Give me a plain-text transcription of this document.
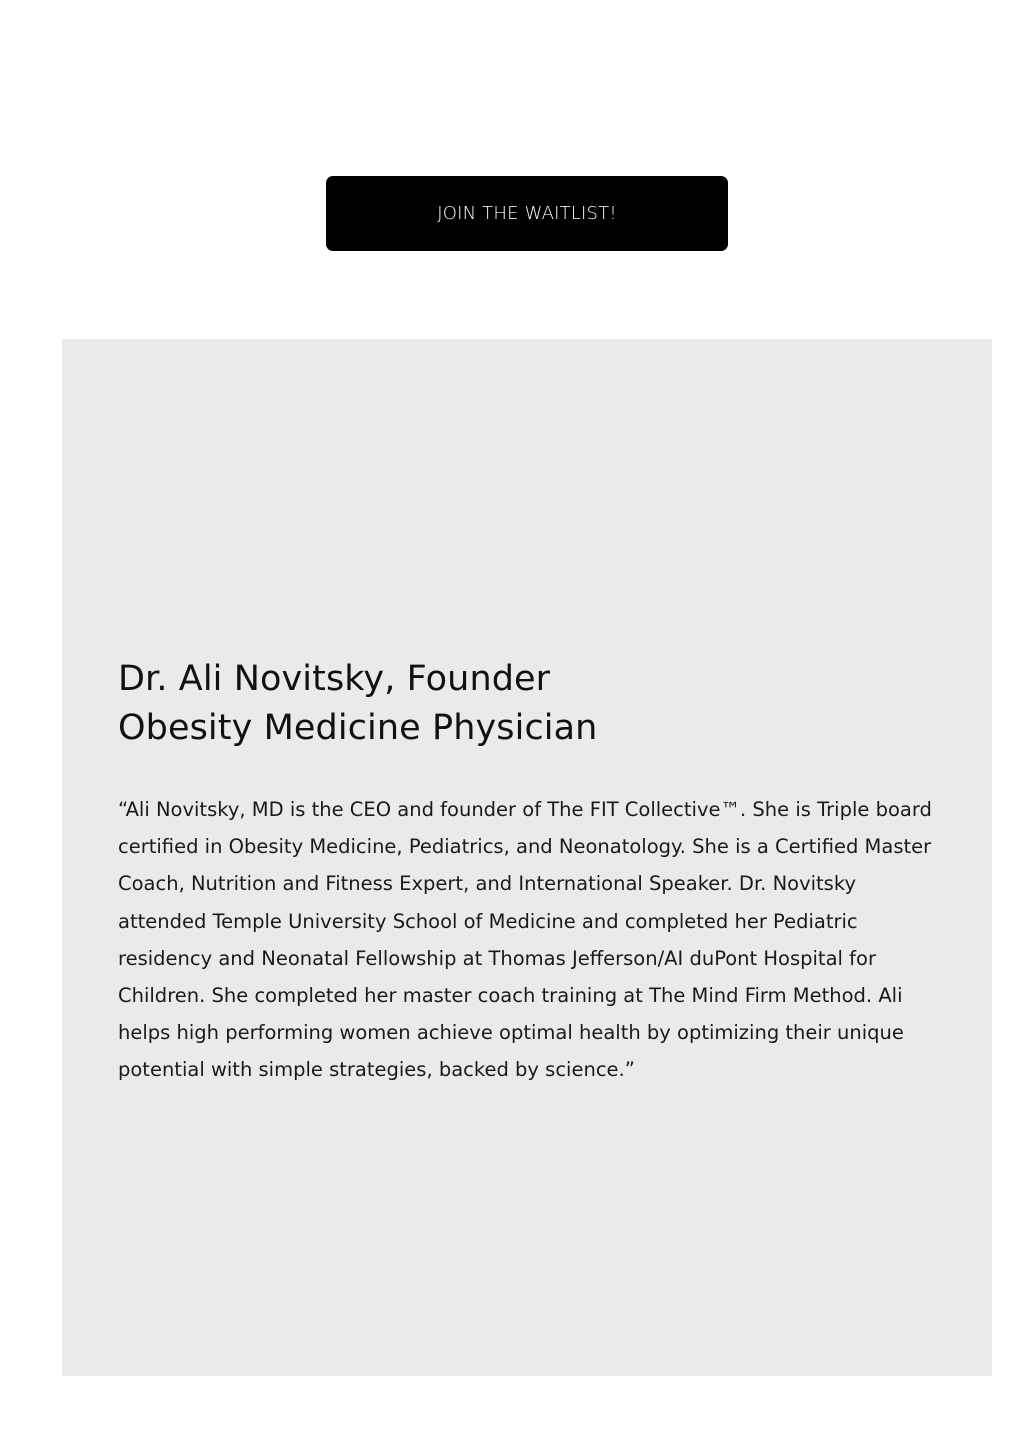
JOIN THE WAITLIST!
Dr. Ali Novitsky, Founder
Obesity Medicine Physician

“Ali Novitsky, MD is the CEO and founder of The FIT Collective™. She is Triple board certified in Obesity Medicine, Pediatrics, and Neonatology. She is a Certified Master Coach, Nutrition and Fitness Expert, and International Speaker. Dr. Novitsky attended Temple University School of Medicine and completed her Pediatric residency and Neonatal Fellowship at Thomas Jefferson/AI duPont Hospital for Children. She completed her master coach training at The Mind Firm Method. Ali helps high performing women achieve optimal health by optimizing their unique potential with simple strategies, backed by science.”
